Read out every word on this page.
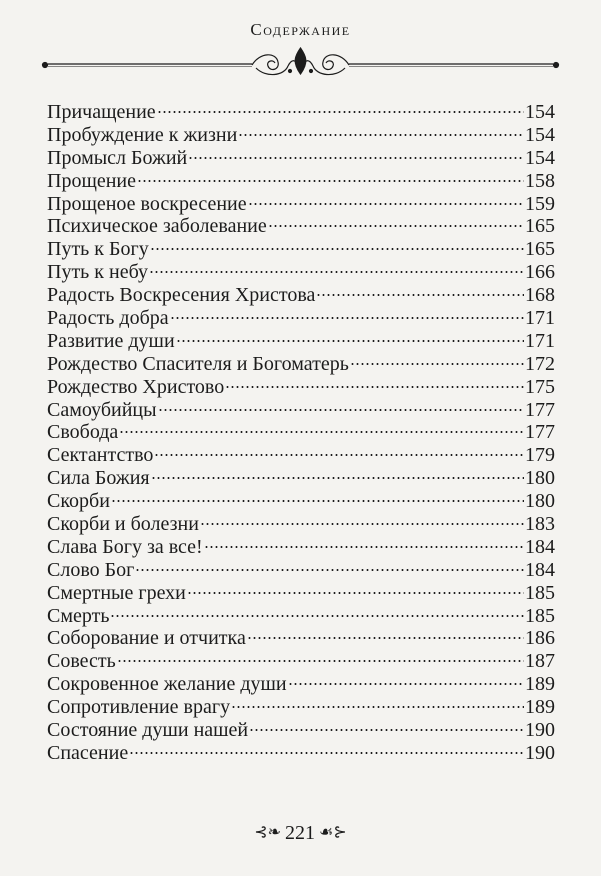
Содержание
Причащение	154
Пробуждение к жизни	154
Промысл Божий	154
Прощение	158
Прощеное воскресение	159
Психическое заболевание	165
Путь к Богу	165
Путь к небу	166
Радость Воскресения Христова	168
Радость добра	171
Развитие души	171
Рождество Спасителя и Богоматерь	172
Рождество Христово	175
Самоубийцы	177
Свобода	177
Сектантство	179
Сила Божия	180
Скорби	180
Скорби и болезни	183
Слава Богу за все!	184
Слово Бог	184
Смертные грехи	185
Смерть	185
Соборование и отчитка	186
Совесть	187
Сокровенное желание души	189
Сопротивление врагу	189
Состояние души нашей	190
Спасение	190
⊰❧ 221 ☙⊱
